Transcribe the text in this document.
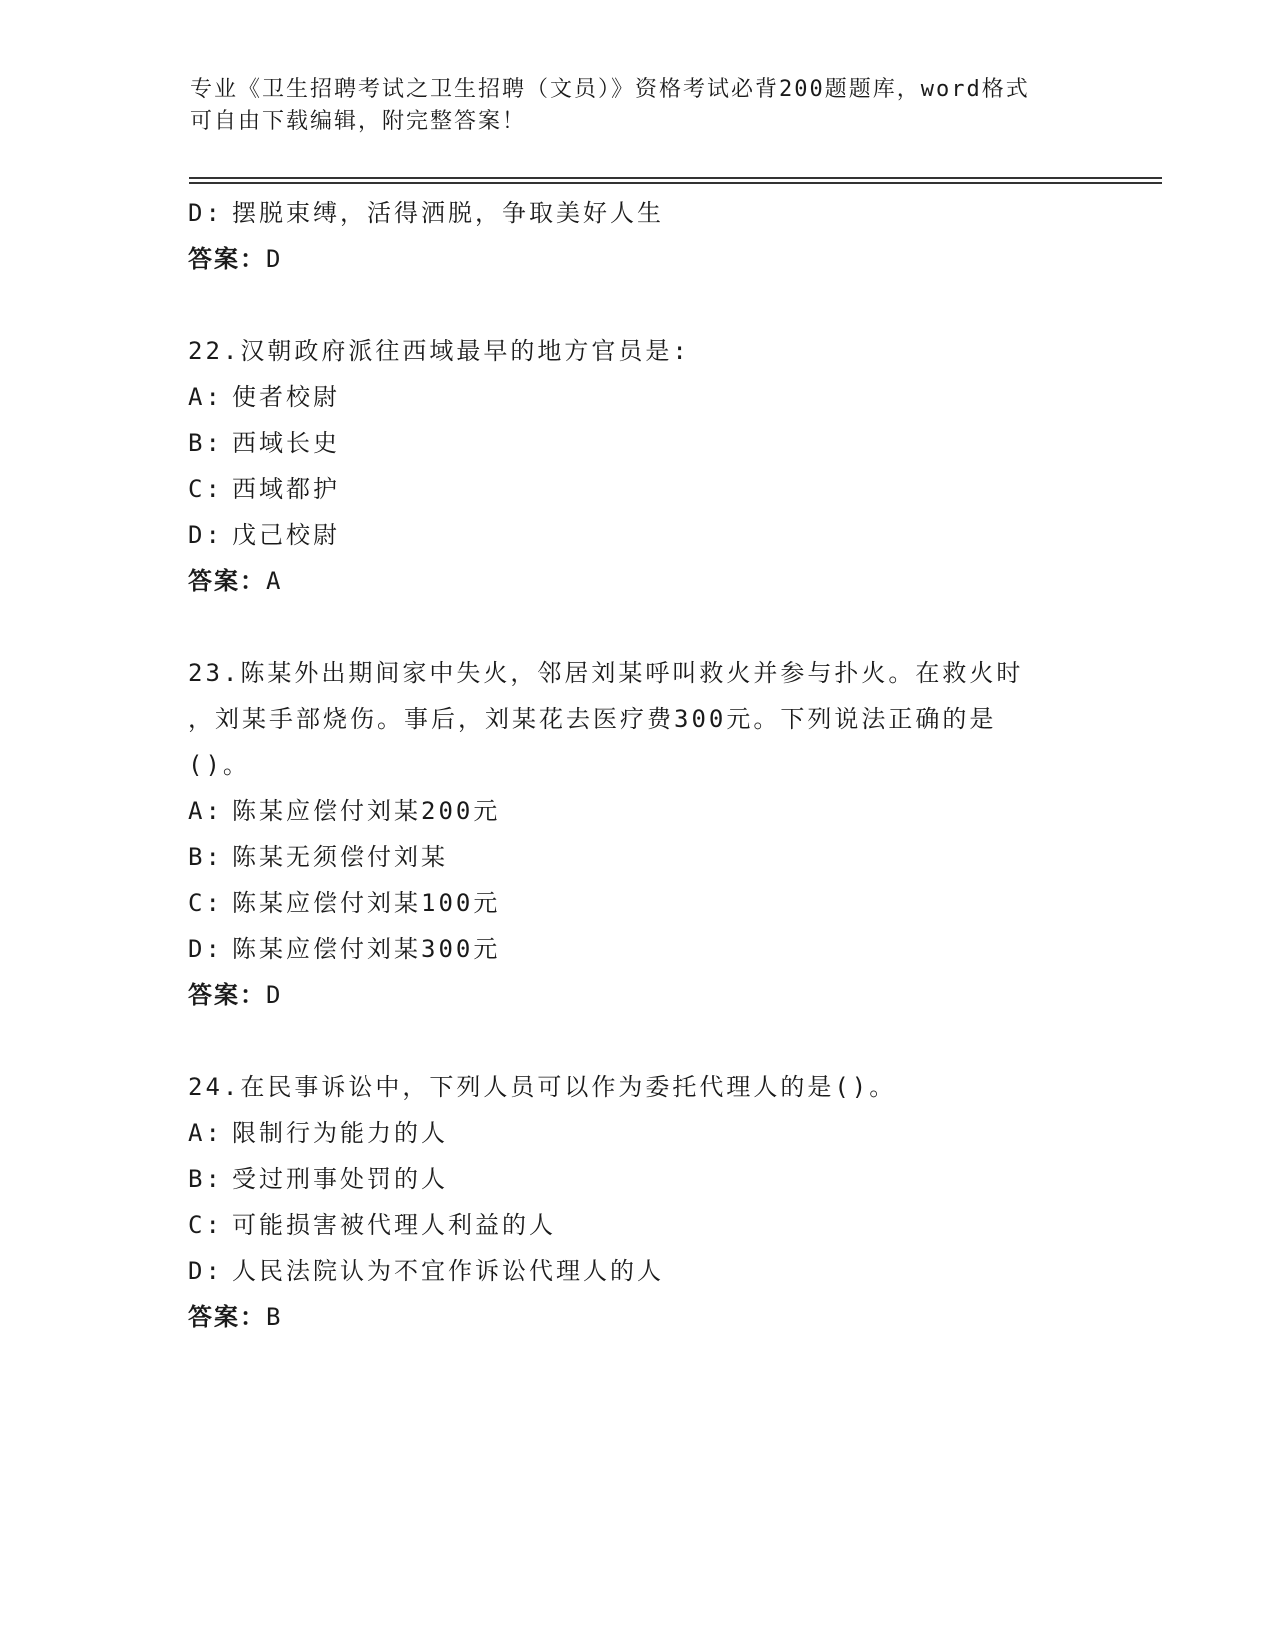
专业《卫生招聘考试之卫生招聘（文员）》资格考试必背200题题库，word格式
可自由下载编辑，附完整答案！
D: 摆脱束缚，活得洒脱，争取美好人生
答案：D
22.汉朝政府派往西域最早的地方官员是:
A: 使者校尉
B: 西域长史
C: 西域都护
D: 戊己校尉
答案：A
23.陈某外出期间家中失火，邻居刘某呼叫救火并参与扑火。在救火时
，刘某手部烧伤。事后，刘某花去医疗费300元。下列说法正确的是
()。
A: 陈某应偿付刘某200元
B: 陈某无须偿付刘某
C: 陈某应偿付刘某100元
D: 陈某应偿付刘某300元
答案：D
24.在民事诉讼中，下列人员可以作为委托代理人的是()。
A: 限制行为能力的人
B: 受过刑事处罚的人
C: 可能损害被代理人利益的人
D: 人民法院认为不宜作诉讼代理人的人
答案：B
